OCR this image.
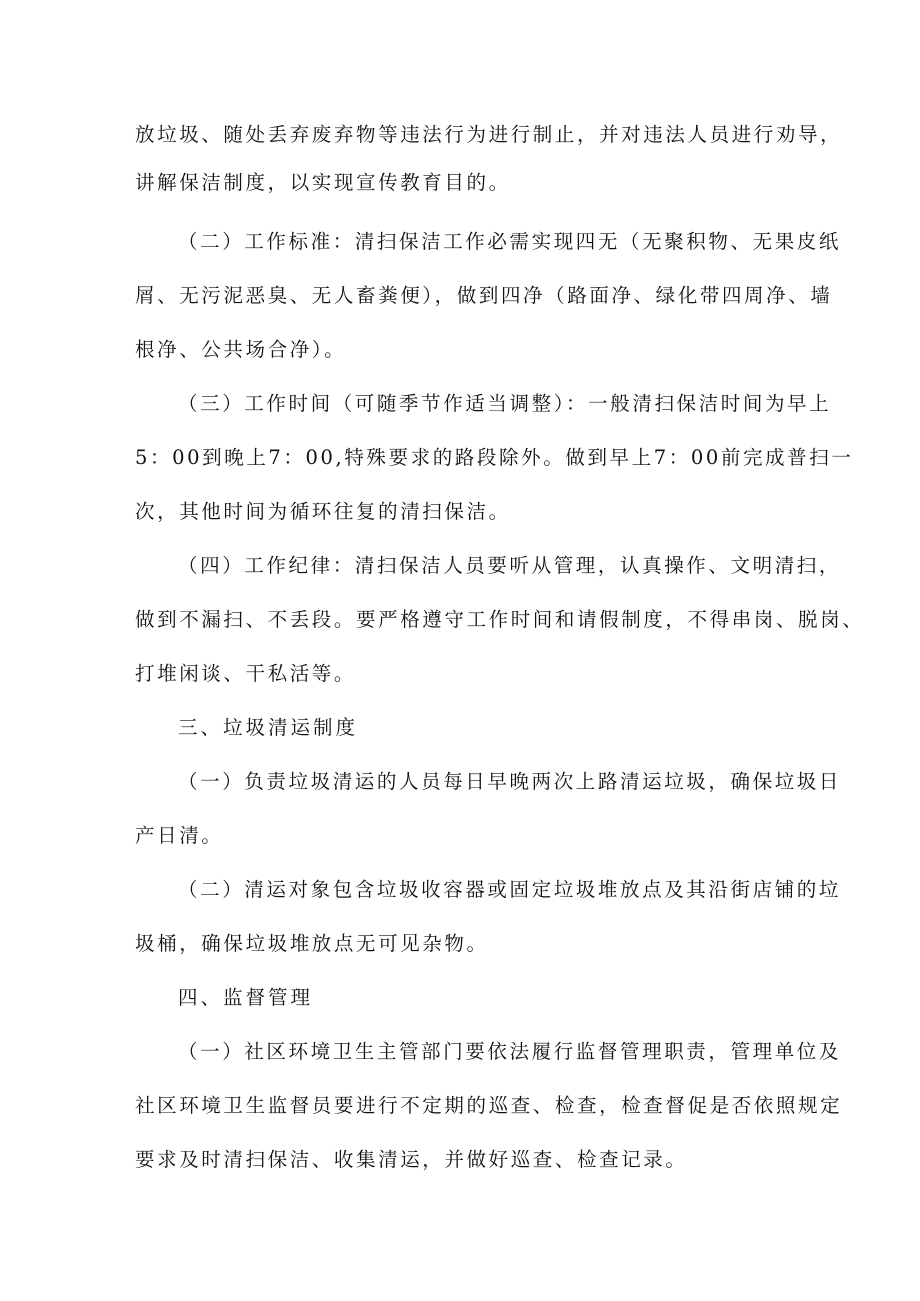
放垃圾、随处丢弃废弃物等违法行为进行制止，并对违法人员进行劝导，
讲解保洁制度，以实现宣传教育目的。
（二）工作标准：清扫保洁工作必需实现四无（无聚积物、无果皮纸
屑、无污泥恶臭、无人畜粪便），做到四净（路面净、绿化带四周净、墙
根净、公共场合净）。
（三）工作时间（可随季节作适当调整）：一般清扫保洁时间为早上
5：00到晚上7：00,特殊要求的路段除外。做到早上7：00前完成普扫一
次，其他时间为循环往复的清扫保洁。
（四）工作纪律：清扫保洁人员要听从管理，认真操作、文明清扫，
做到不漏扫、不丢段。要严格遵守工作时间和请假制度，不得串岗、脱岗、
打堆闲谈、干私活等。
三、垃圾清运制度
（一）负责垃圾清运的人员每日早晚两次上路清运垃圾，确保垃圾日
产日清。
（二）清运对象包含垃圾收容器或固定垃圾堆放点及其沿街店铺的垃
圾桶，确保垃圾堆放点无可见杂物。
四、监督管理
（一）社区环境卫生主管部门要依法履行监督管理职责，管理单位及
社区环境卫生监督员要进行不定期的巡查、检查，检查督促是否依照规定
要求及时清扫保洁、收集清运，并做好巡查、检查记录。
